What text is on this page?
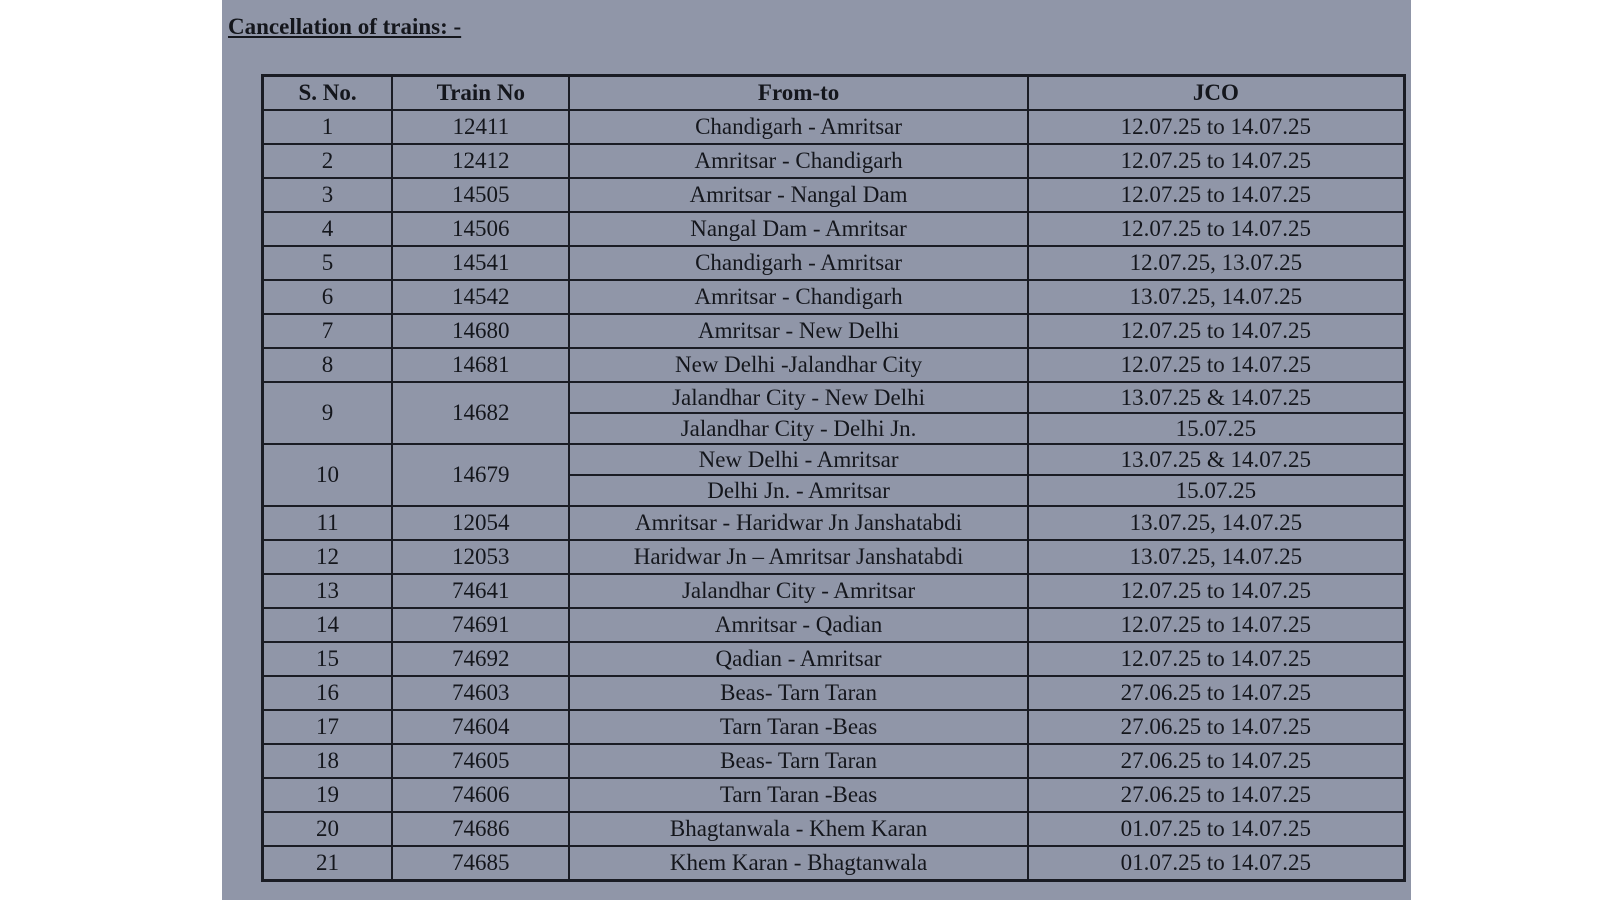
Cancellation of trains: -
S. No.	Train No	From-to	JCO
1	12411	Chandigarh - Amritsar	12.07.25 to 14.07.25
2	12412	Amritsar - Chandigarh	12.07.25 to 14.07.25
3	14505	Amritsar - Nangal Dam	12.07.25 to 14.07.25
4	14506	Nangal Dam - Amritsar	12.07.25 to 14.07.25
5	14541	Chandigarh - Amritsar	12.07.25, 13.07.25
6	14542	Amritsar - Chandigarh	13.07.25, 14.07.25
7	14680	Amritsar - New Delhi	12.07.25 to 14.07.25
8	14681	New Delhi -Jalandhar City	12.07.25 to 14.07.25
9	14682	Jalandhar City - New Delhi	13.07.25 & 14.07.25
		Jalandhar City - Delhi Jn.	15.07.25
10	14679	New Delhi - Amritsar	13.07.25 & 14.07.25
		Delhi Jn. - Amritsar	15.07.25
11	12054	Amritsar - Haridwar Jn Janshatabdi	13.07.25, 14.07.25
12	12053	Haridwar Jn – Amritsar Janshatabdi	13.07.25, 14.07.25
13	74641	Jalandhar City - Amritsar	12.07.25 to 14.07.25
14	74691	Amritsar - Qadian	12.07.25 to 14.07.25
15	74692	Qadian - Amritsar	12.07.25 to 14.07.25
16	74603	Beas- Tarn Taran	27.06.25 to 14.07.25
17	74604	Tarn Taran -Beas	27.06.25 to 14.07.25
18	74605	Beas- Tarn Taran	27.06.25 to 14.07.25
19	74606	Tarn Taran -Beas	27.06.25 to 14.07.25
20	74686	Bhagtanwala - Khem Karan	01.07.25 to 14.07.25
21	74685	Khem Karan - Bhagtanwala	01.07.25 to 14.07.25
